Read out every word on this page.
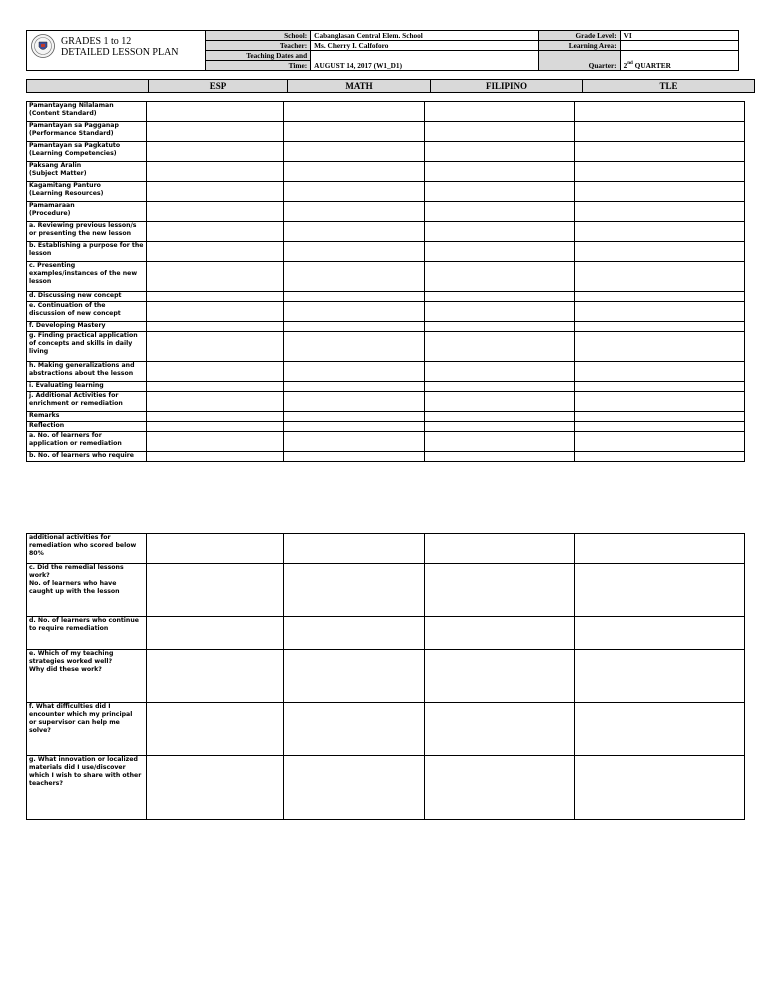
GRADES 1 to 12
DETAILED LESSON PLAN	School:	Cabanglasan Central Elem. School	Grade Level:	VI
	Teacher:	Ms. Cherry I. Calfoforo	Learning Area:	
	Teaching Dates and	AUGUST 14, 2017 (W1_D1)	Quarter:	2nd QUARTER
	Time:			
	ESP	MATH	FILIPINO	TLE
Pamantayang Nilalaman
(Content Standard)				

Pamantayan sa Pagganap
(Performance Standard)				

Pamantayan sa Pagkatuto
(Learning Competencies)				

Paksang Aralin
(Subject Matter)				

Kagamitang Panturo
(Learning Resources)				

Pamamaraan
(Procedure)				

a. Reviewing previous lesson/s
or presenting the new lesson				

b. Establishing a purpose for the
lesson				

c. Presenting
examples/instances of the new
lesson				

d. Discussing new concept				

e. Continuation of the
discussion of new concept				

f. Developing Mastery				

g. Finding practical application
of concepts and skills in daily
living				

h. Making generalizations and
abstractions about the lesson				

i. Evaluating learning				

j. Additional Activities for
enrichment or remediation				

Remarks				

Reflection				

a. No. of learners for
application or remediation				

b. No. of learners who require				

additional activities for
remediation who scored below
80%				

c. Did the remedial lessons
work?
No. of learners who have
caught up with the lesson				

d. No. of learners who continue
to require remediation				

e. Which of my teaching
strategies worked well?
Why did these work?				

f. What difficulties did I
encounter which my principal
or supervisor can help me
solve?				

g. What innovation or localized
materials did I use/discover
which I wish to share with other
teachers?				
